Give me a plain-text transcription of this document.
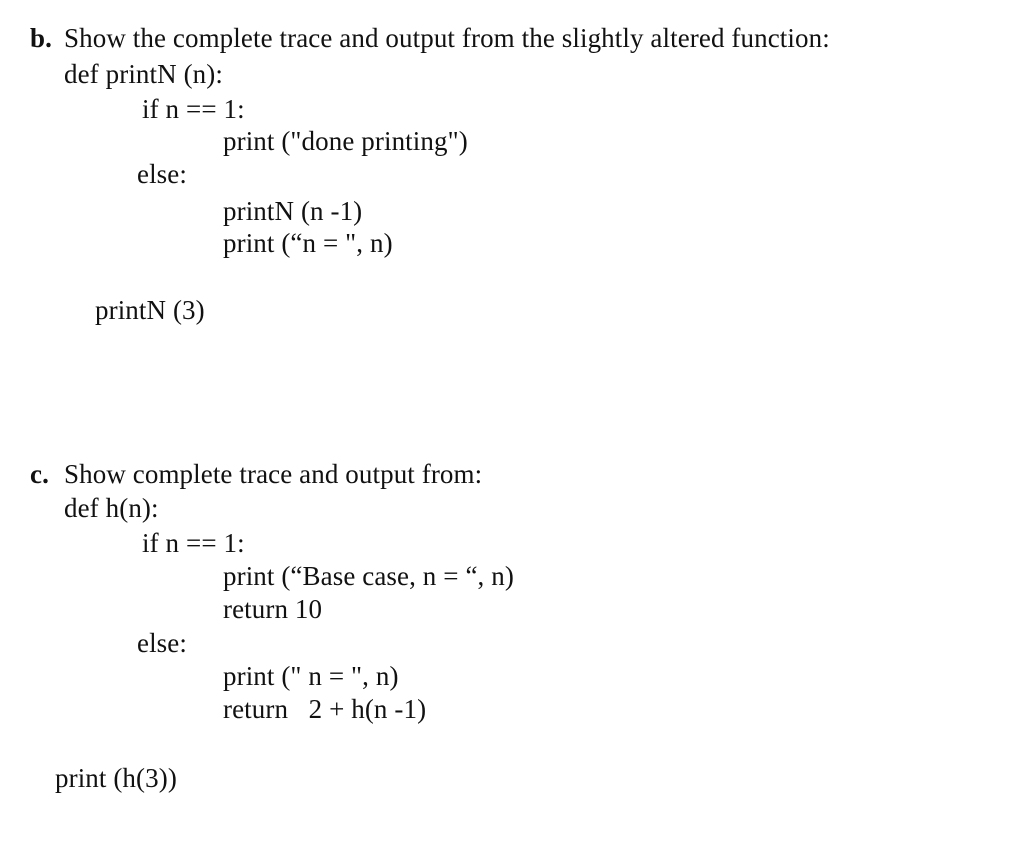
b. Show the complete trace and output from the slightly altered function:
def printN (n):
if n == 1:
print ("done printing")
else:
printN (n -1)
print (“n = ", n)
printN (3)
c. Show complete trace and output from:
def h(n):
if n == 1:
print (“Base case, n = “, n)
return 10
else:
print (" n = ", n)
return   2 + h(n -1)
print (h(3))
